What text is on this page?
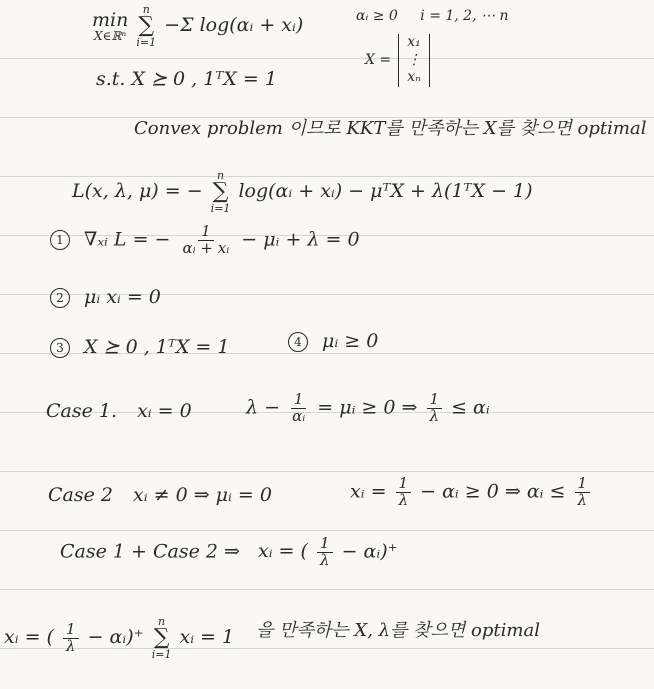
min
X∈ℝⁿ

n
∑
i=1
−Σ log(αᵢ + xᵢ)	αᵢ ≥ 0 i = 1, 2, ⋯ n
s.t. X ⪰ 0 , 1ᵀX = 1
X =
x₁
⋮
xₙ
Convex problem 이므로 KKT를 만족하는 X를 찾으면 optimal
L(x, λ, μ) = −
n
∑
i=1
log(αᵢ + xᵢ) − μᵀX + λ(1ᵀX − 1)
1 ∇ₓᵢ L = − $\frac{1}{\text{αᵢ + xᵢ}}$ − μᵢ + λ = 0
2 μᵢ xᵢ = 0
3 X ⪰ 0 , 1ᵀX = 1	4 μᵢ ≥ 0
Case 1. xᵢ = 0	$\lambda - \frac{1}{\text{αᵢ}}$ = μᵢ ≥ 0 ⇒ $\frac{1}{\lambda}$ ≤ αᵢ
Case 2 xᵢ ≠ 0 ⇒ μᵢ = 0	xᵢ = $\frac{1}{\lambda}$ − αᵢ ≥ 0 ⇒ αᵢ ≤ $\frac{1}{\lambda}$
Case 1 + Case 2 ⇒ xᵢ = ( $\frac{1}{\lambda}$ − αᵢ)⁺
xᵢ = ( $\frac{1}{\lambda}$ − αᵢ)⁺
n
∑
i=1
xᵢ = 1 을 만족하는 X, λ를 찾으면 optimal
